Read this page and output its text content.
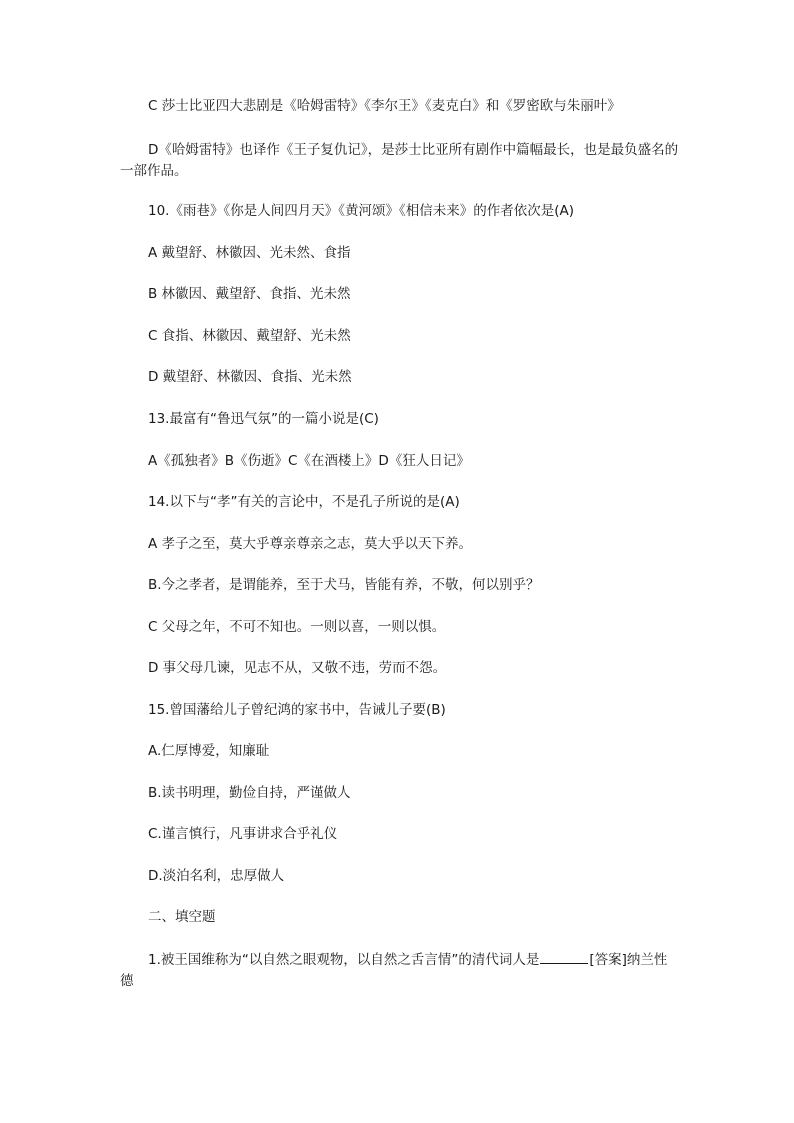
C 莎士比亚四大悲剧是《哈姆雷特》《李尔王》《麦克白》和《罗密欧与朱丽叶》
D《哈姆雷特》也译作《王子复仇记》，是莎士比亚所有剧作中篇幅最长，也是最负盛名的一部作品。
10.《雨巷》《你是人间四月天》《黄河颂》《相信未来》的作者依次是(A)
A 戴望舒、林徽因、光未然、食指
B 林徽因、戴望舒、食指、光未然
C 食指、林徽因、戴望舒、光未然
D 戴望舒、林徽因、食指、光未然
13.最富有“鲁迅气氛”的一篇小说是(C)
A《孤独者》B《伤逝》C《在酒楼上》D《狂人日记》
14.以下与“孝”有关的言论中，不是孔子所说的是(A)
A 孝子之至，莫大乎尊亲尊亲之志，莫大乎以天下养。
B.今之孝者，是谓能养，至于犬马，皆能有养，不敬，何以别乎？
C 父母之年，不可不知也。一则以喜，一则以惧。
D 事父母几谏，见志不从，又敬不违，劳而不怨。
15.曾国藩给儿子曾纪鸿的家书中，告诫儿子要(B)
A.仁厚博爱，知廉耻
B.读书明理，勤俭自持，严谨做人
C.谨言慎行，凡事讲求合乎礼仪
D.淡泊名利，忠厚做人
二、填空题
1.被王国维称为“以自然之眼观物，以自然之舌言情”的清代词人是	[答案]纳兰性德
